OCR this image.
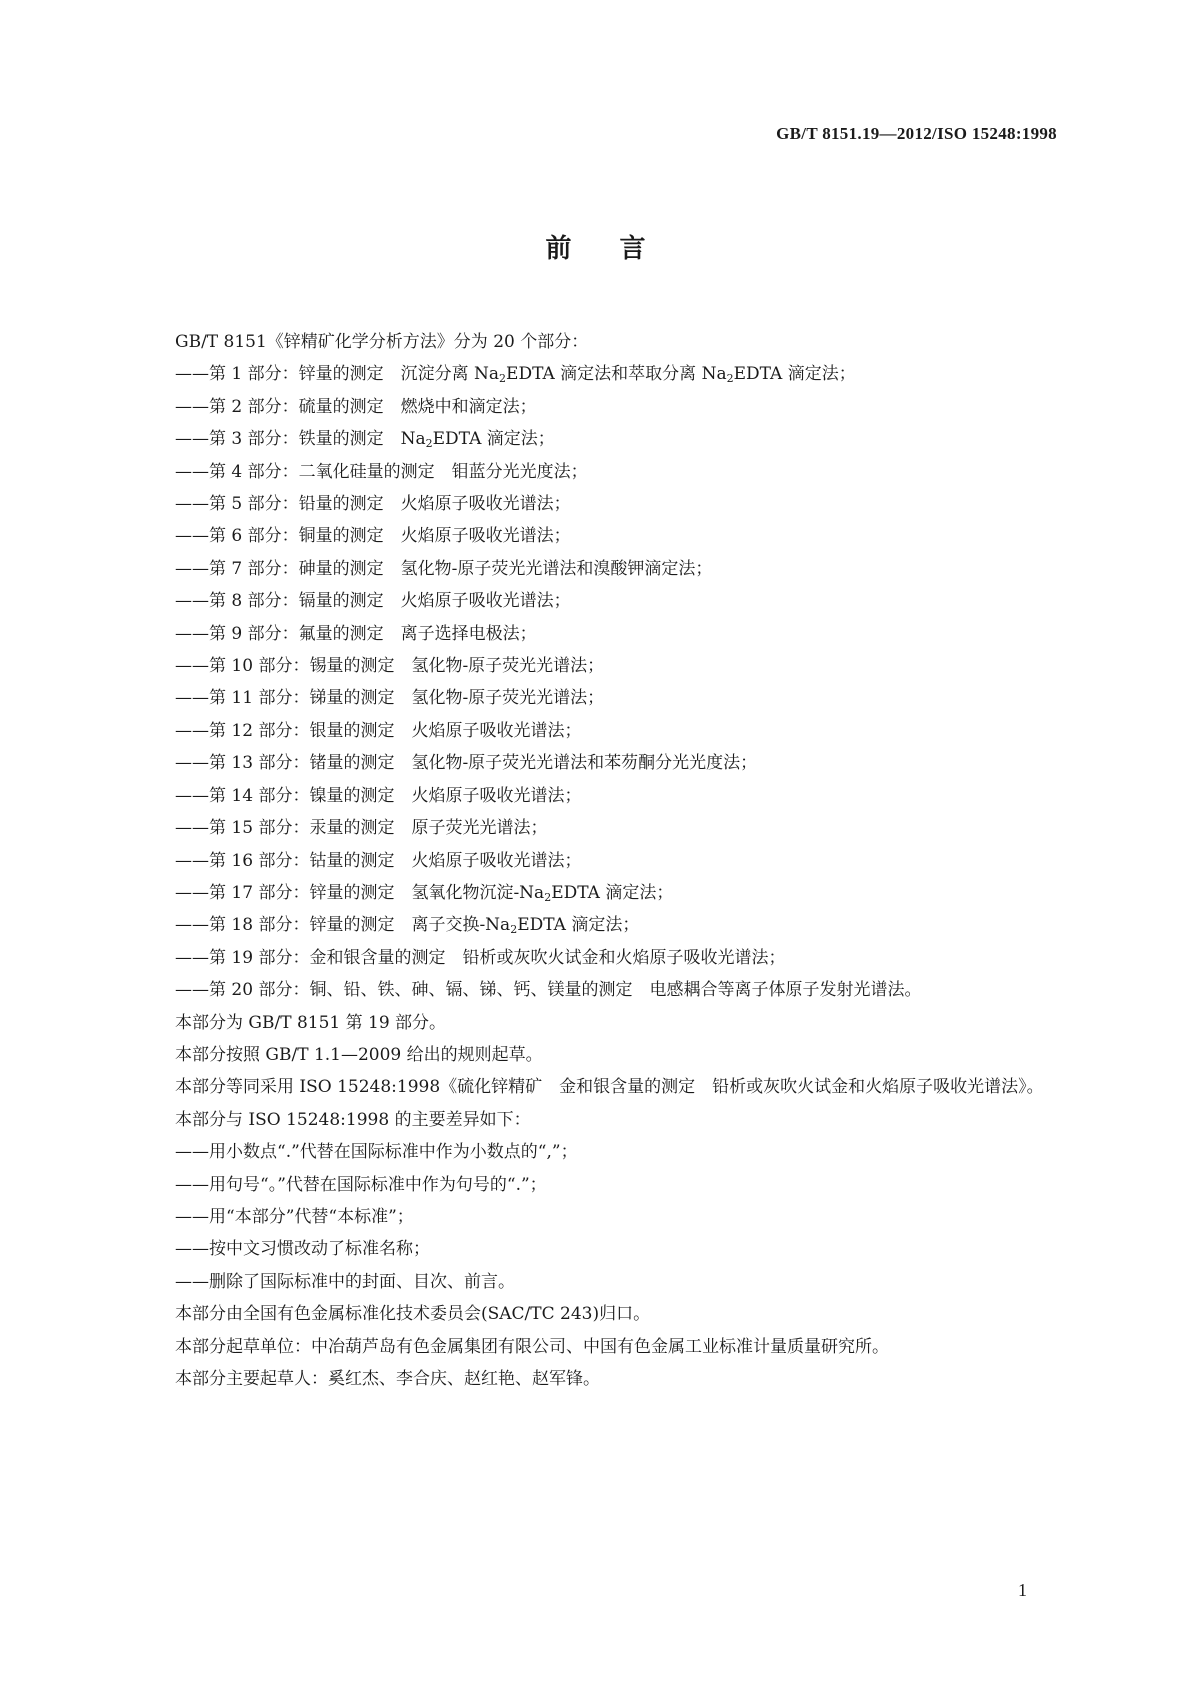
GB/T 8151.19—2012/ISO 15248:1998
前言

GB/T 8151《锌精矿化学分析方法》分为 20 个部分：

——第 1 部分：锌量的测定　沉淀分离 $Na_2EDTA$ 滴定法和萃取分离 $Na_2EDTA$ 滴定法；

——第 2 部分：硫量的测定　燃烧中和滴定法；

——第 3 部分：铁量的测定　$Na_2EDTA$ 滴定法；

——第 4 部分：二氧化硅量的测定　钼蓝分光光度法；

——第 5 部分：铅量的测定　火焰原子吸收光谱法；

——第 6 部分：铜量的测定　火焰原子吸收光谱法；

——第 7 部分：砷量的测定　氢化物-原子荧光光谱法和溴酸钾滴定法；

——第 8 部分：镉量的测定　火焰原子吸收光谱法；

——第 9 部分：氟量的测定　离子选择电极法；

——第 10 部分：锡量的测定　氢化物-原子荧光光谱法；

——第 11 部分：锑量的测定　氢化物-原子荧光光谱法；

——第 12 部分：银量的测定　火焰原子吸收光谱法；

——第 13 部分：锗量的测定　氢化物-原子荧光光谱法和苯芴酮分光光度法；

——第 14 部分：镍量的测定　火焰原子吸收光谱法；

——第 15 部分：汞量的测定　原子荧光光谱法；

——第 16 部分：钴量的测定　火焰原子吸收光谱法；

——第 17 部分：锌量的测定　氢氧化物沉淀$-Na_2EDTA$ 滴定法；

——第 18 部分：锌量的测定　离子交换$-Na_2EDTA$ 滴定法；

——第 19 部分：金和银含量的测定　铅析或灰吹火试金和火焰原子吸收光谱法；

——第 20 部分：铜、铅、铁、砷、镉、锑、钙、镁量的测定　电感耦合等离子体原子发射光谱法。

本部分为 GB/T 8151 第 19 部分。

本部分按照 GB/T 1.1—2009 给出的规则起草。

本部分等同采用 ISO 15248:1998《硫化锌精矿　金和银含量的测定　铅析或灰吹火试金和火焰原子吸收光谱法》。

本部分与 ISO 15248:1998 的主要差异如下：

——用小数点“.”代替在国际标准中作为小数点的“,”；

——用句号“。”代替在国际标准中作为句号的“.”；

——用“本部分”代替“本标准”；

——按中文习惯改动了标准名称；

——删除了国际标准中的封面、目次、前言。

本部分由全国有色金属标准化技术委员会(SAC/TC 243)归口。

本部分起草单位：中冶葫芦岛有色金属集团有限公司、中国有色金属工业标准计量质量研究所。

本部分主要起草人：奚红杰、李合庆、赵红艳、赵军锋。

1
